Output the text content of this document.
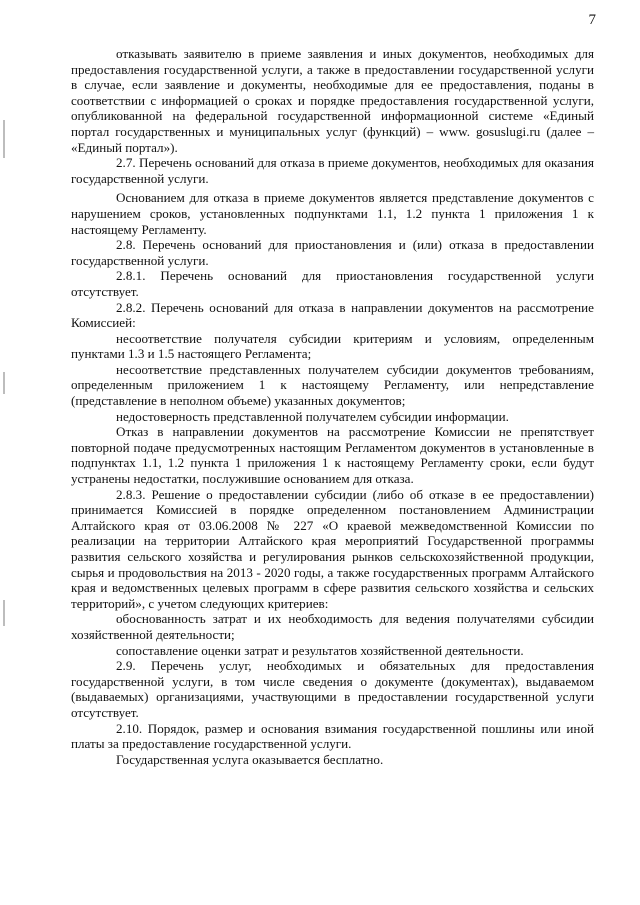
7

отказывать заявителю в приеме заявления и иных документов, необходимых для предоставления государственной услуги, а также в предоставлении государственной услуги в случае, если заявление и документы, необходимые для ее предоставления, поданы в соответствии с информацией о сроках и порядке предоставления государственной услуги, опубликованной на федеральной государственной информационной системе «Единый портал государственных и муниципальных услуг (функций) – www. gosuslugi.ru (далее – «Единый портал»).

2.7. Перечень оснований для отказа в приеме документов, необходимых для оказания государственной услуги.

Основанием для отказа в приеме документов является представление документов с нарушением сроков, установленных подпунктами 1.1, 1.2 пункта 1 приложения 1 к настоящему Регламенту.

2.8. Перечень оснований для приостановления и (или) отказа в предоставлении государственной услуги.

2.8.1. Перечень оснований для приостановления государственной услуги отсутствует.

2.8.2. Перечень оснований для отказа в направлении документов на рассмотрение Комиссией:

несоответствие получателя субсидии критериям и условиям, определенным пунктами 1.3 и 1.5 настоящего Регламента;

несоответствие представленных получателем субсидии документов требованиям, определенным приложением 1 к настоящему Регламенту, или непредставление (представление в неполном объеме) указанных документов;

недостоверность представленной получателем субсидии информации.

Отказ в направлении документов на рассмотрение Комиссии не препятствует повторной подаче предусмотренных настоящим Регламентом документов в установленные в подпунктах 1.1, 1.2 пункта 1 приложения 1 к настоящему Регламенту сроки, если будут устранены недостатки, послужившие основанием для отказа.

2.8.3. Решение о предоставлении субсидии (либо об отказе в ее предоставлении) принимается Комиссией в порядке определенном постановлением Администрации Алтайского края от 03.06.2008 № 227 «О краевой межведомственной Комиссии по реализации на территории Алтайского края мероприятий Государственной программы развития сельского хозяйства и регулирования рынков сельскохозяйственной продукции, сырья и продовольствия на 2013 - 2020 годы, а также государственных программ Алтайского края и ведомственных целевых программ в сфере развития сельского хозяйства и сельских территорий», с учетом следующих критериев:

обоснованность затрат и их необходимость для ведения получателями субсидии хозяйственной деятельности;

сопоставление оценки затрат и результатов хозяйственной деятельности.

2.9. Перечень услуг, необходимых и обязательных для предоставления государственной услуги, в том числе сведения о документе (документах), выдаваемом (выдаваемых) организациями, участвующими в предоставлении государственной услуги отсутствует.

2.10. Порядок, размер и основания взимания государственной пошлины или иной платы за предоставление государственной услуги.

Государственная услуга оказывается бесплатно.
